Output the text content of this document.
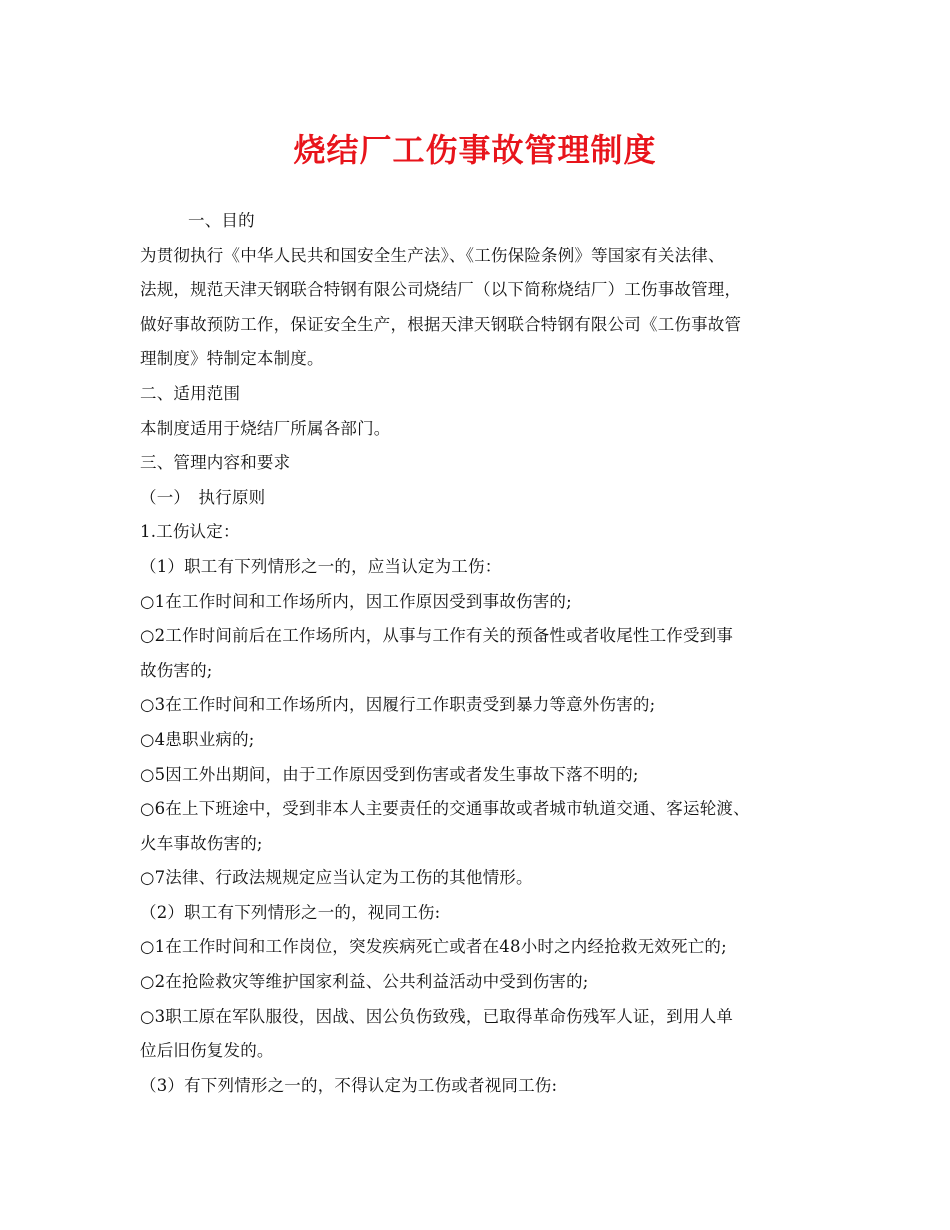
烧结厂工伤事故管理制度
一、目的
为贯彻执行《中华人民共和国安全生产法》、《工伤保险条例》等国家有关法律、
法规，规范天津天钢联合特钢有限公司烧结厂（以下简称烧结厂）工伤事故管理，
做好事故预防工作，保证安全生产，根据天津天钢联合特钢有限公司《工伤事故管
理制度》特制定本制度。
二、适用范围
本制度适用于烧结厂所属各部门。
三、管理内容和要求
（一）　执行原则
1.工伤认定：
（1）职工有下列情形之一的，应当认定为工伤：
○1在工作时间和工作场所内，因工作原因受到事故伤害的;
○2工作时间前后在工作场所内，从事与工作有关的预备性或者收尾性工作受到事
故伤害的;
○3在工作时间和工作场所内，因履行工作职责受到暴力等意外伤害的;
○4患职业病的;
○5因工外出期间，由于工作原因受到伤害或者发生事故下落不明的;
○6在上下班途中，受到非本人主要责任的交通事故或者城市轨道交通、客运轮渡、
火车事故伤害的;
○7法律、行政法规规定应当认定为工伤的其他情形。
（2）职工有下列情形之一的，视同工伤:
○1在工作时间和工作岗位，突发疾病死亡或者在48小时之内经抢救无效死亡的;
○2在抢险救灾等维护国家利益、公共利益活动中受到伤害的;
○3职工原在军队服役，因战、因公负伤致残，已取得革命伤残军人证，到用人单
位后旧伤复发的。
（3）有下列情形之一的，不得认定为工伤或者视同工伤:
